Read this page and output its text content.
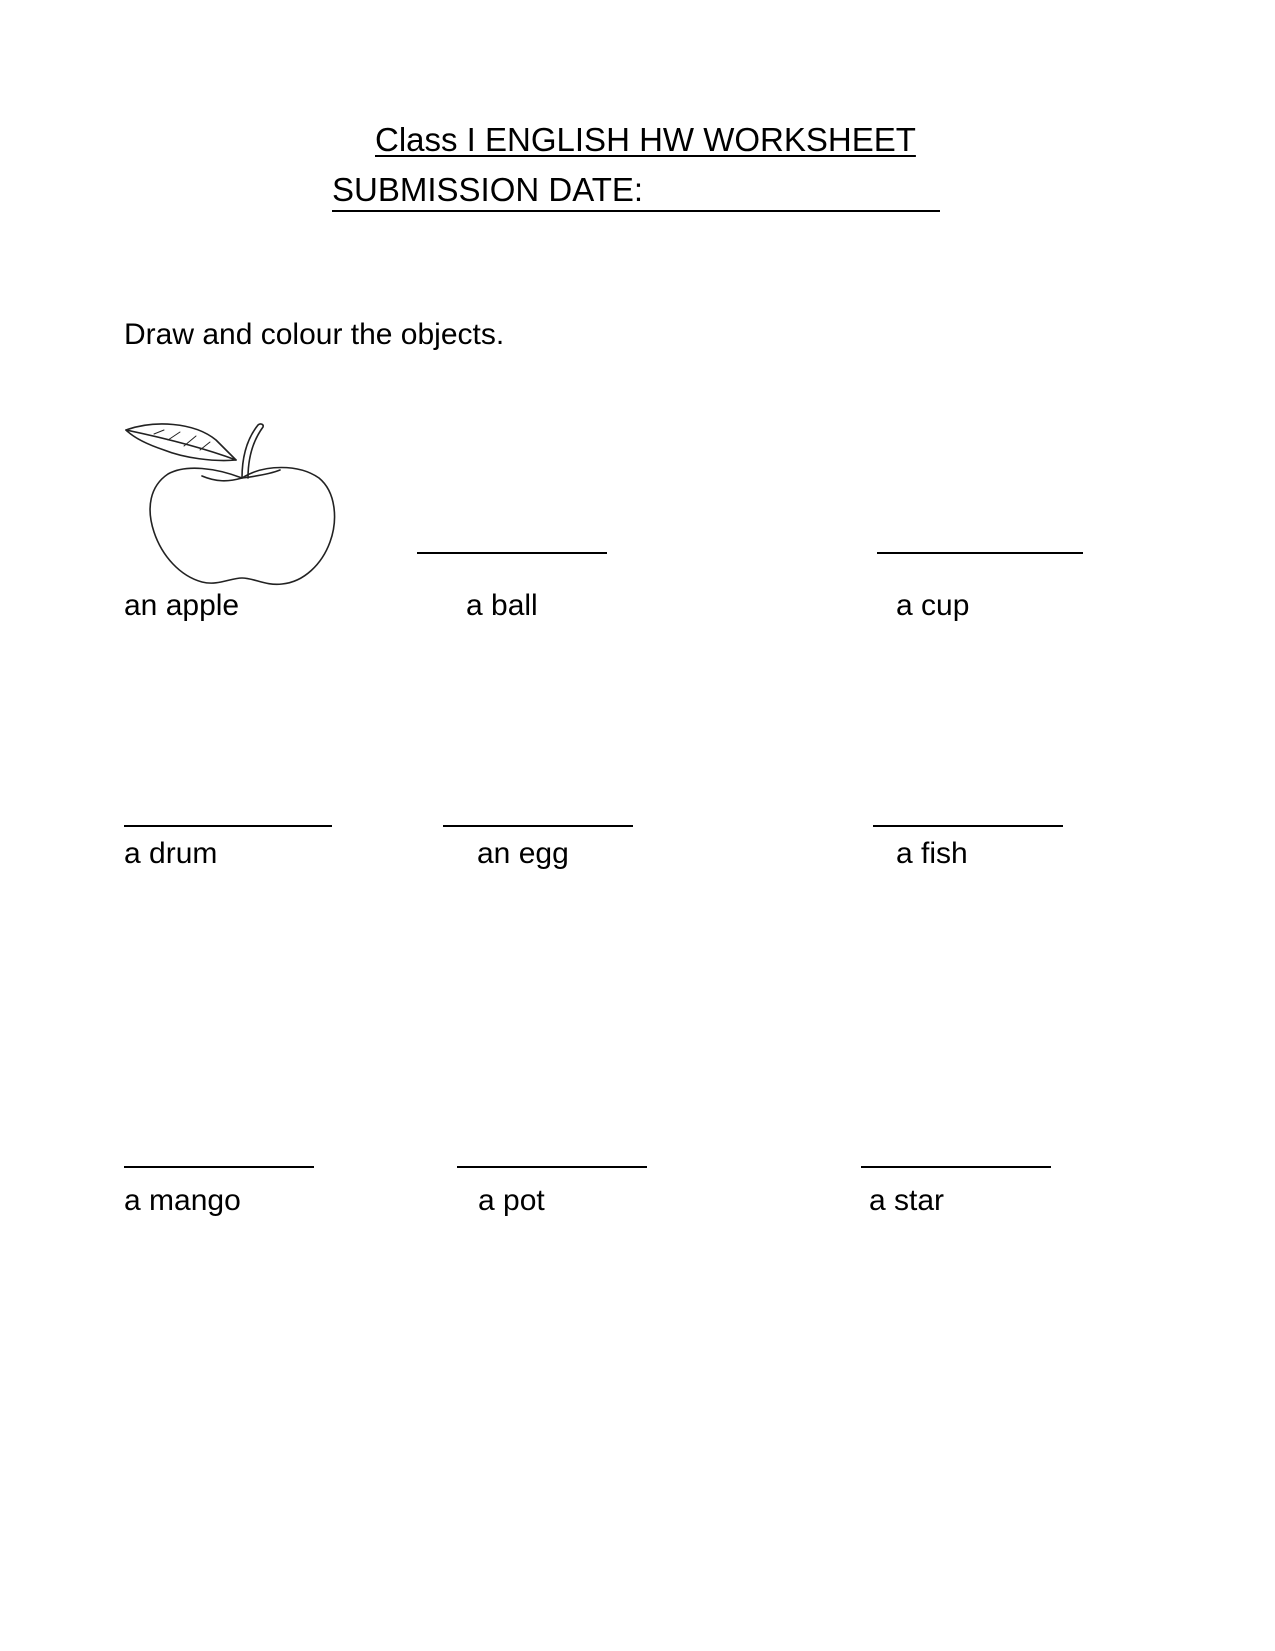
Class I ENGLISH HW WORKSHEET
SUBMISSION DATE:
Draw and colour the objects.
an apple	a ball	a cup
a drum	an egg	a fish
a mango	a pot	a star
